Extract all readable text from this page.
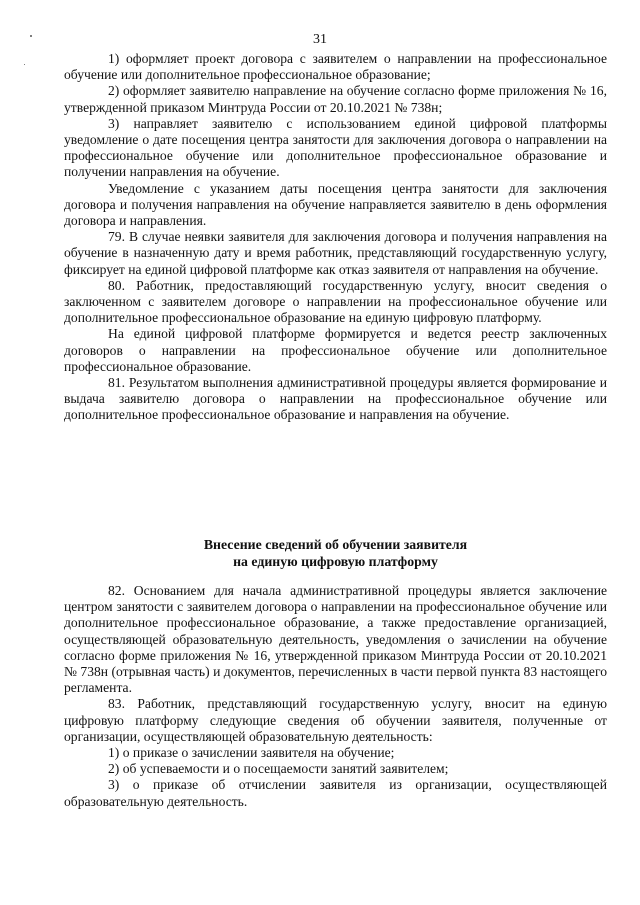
31

1) оформляет проект договора с заявителем о направлении на профессиональное обучение или дополнительное профессиональное образование;

2) оформляет заявителю направление на обучение согласно форме приложения № 16, утвержденной приказом Минтруда России от 20.10.2021 № 738н;

3) направляет заявителю с использованием единой цифровой платформы уведомление о дате посещения центра занятости для заключения договора о направлении на профессиональное обучение или дополнительное профессиональное образование и получении направления на обучение.

Уведомление с указанием даты посещения центра занятости для заключения договора и получения направления на обучение направляется заявителю в день оформления договора и направления.

79. В случае неявки заявителя для заключения договора и получения направления на обучение в назначенную дату и время работник, представляющий государственную услугу, фиксирует на единой цифровой платформе как отказ заявителя от направления на обучение.

80. Работник, предоставляющий государственную услугу, вносит сведения о заключенном с заявителем договоре о направлении на профессиональное обучение или дополнительное профессиональное образование на единую цифровую платформу.

На единой цифровой платформе формируется и ведется реестр заключенных договоров о направлении на профессиональное обучение или дополнительное профессиональное образование.

81. Результатом выполнения административной процедуры является формирование и выдача заявителю договора о направлении на профессиональное обучение или дополнительное профессиональное образование и направления на обучение.

Внесение сведений об обучении заявителя
на единую цифровую платформу

82. Основанием для начала административной процедуры является заключение центром занятости с заявителем договора о направлении на профессиональное обучение или дополнительное профессиональное образование, а также предоставление организацией, осуществляющей образовательную деятельность, уведомления о зачислении на обучение согласно форме приложения № 16, утвержденной приказом Минтруда России от 20.10.2021 № 738н (отрывная часть) и документов, перечисленных в части первой пункта 83 настоящего регламента.

83. Работник, представляющий государственную услугу, вносит на единую цифровую платформу следующие сведения об обучении заявителя, полученные от организации, осуществляющей образовательную деятельность:

1) о приказе о зачислении заявителя на обучение;

2) об успеваемости и о посещаемости занятий заявителем;

3) о приказе об отчислении заявителя из организации, осуществляющей образовательную деятельность.
